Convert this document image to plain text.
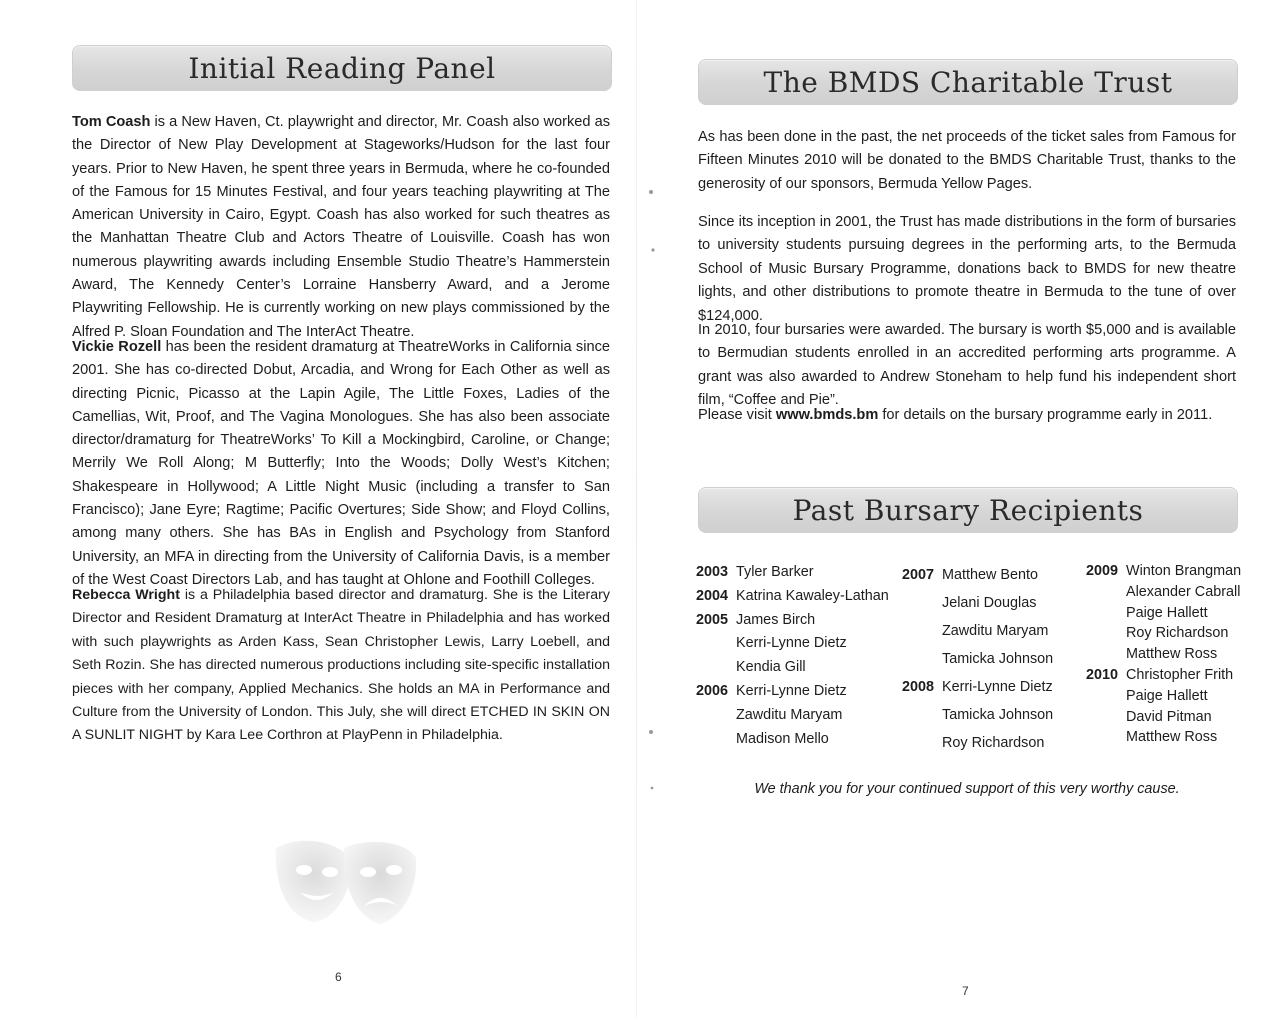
Initial Reading Panel

Tom Coash is a New Haven, Ct. playwright and director, Mr. Coash also worked as the Director of New Play Development at Stageworks/Hudson for the last four years. Prior to New Haven, he spent three years in Bermuda, where he co-founded of the Famous for 15 Minutes Festival, and four years teaching playwriting at The American University in Cairo, Egypt. Coash has also worked for such theatres as the Manhattan Theatre Club and Actors Theatre of Louisville. Coash has won numerous playwriting awards including Ensemble Studio Theatre’s Hammerstein Award, The Kennedy Center’s Lorraine Hansberry Award, and a Jerome Playwriting Fellowship. He is currently working on new plays commissioned by the Alfred P. Sloan Foundation and The InterAct Theatre.

Vickie Rozell has been the resident dramaturg at TheatreWorks in California since 2001. She has co-directed Dobut, Arcadia, and Wrong for Each Other as well as directing Picnic, Picasso at the Lapin Agile, The Little Foxes, Ladies of the Camellias, Wit, Proof, and The Vagina Monologues. She has also been associate director/dramaturg for TheatreWorks’ To Kill a Mockingbird, Caroline, or Change; Merrily We Roll Along; M Butterfly; Into the Woods; Dolly West’s Kitchen; Shakespeare in Hollywood; A Little Night Music (including a transfer to San Francisco); Jane Eyre; Ragtime; Pacific Overtures; Side Show; and Floyd Collins, among many others. She has BAs in English and Psychology from Stanford University, an MFA in directing from the University of California Davis, is a member of the West Coast Directors Lab, and has taught at Ohlone and Foothill Colleges.

Rebecca Wright is a Philadelphia based director and dramaturg. She is the Literary Director and Resident Dramaturg at InterAct Theatre in Philadelphia and has worked with such playwrights as Arden Kass, Sean Christopher Lewis, Larry Loebell, and Seth Rozin. She has directed numerous productions including site-specific installation pieces with her company, Applied Mechanics. She holds an MA in Performance and Culture from the University of London. This July, she will direct ETCHED IN SKIN ON A SUNLIT NIGHT by Kara Lee Corthron at PlayPenn in Philadelphia.

6
The BMDS Charitable Trust

As has been done in the past, the net proceeds of the ticket sales from Famous for Fifteen Minutes 2010 will be donated to the BMDS Charitable Trust, thanks to the generosity of our sponsors, Bermuda Yellow Pages.

Since its inception in 2001, the Trust has made distributions in the form of bursaries to university students pursuing degrees in the performing arts, to the Bermuda School of Music Bursary Programme, donations back to BMDS for new theatre lights, and other distributions to promote theatre in Bermuda to the tune of over $124,000.

In 2010, four bursaries were awarded. The bursary is worth $5,000 and is available to Bermudian students enrolled in an accredited performing arts programme. A grant was also awarded to Andrew Stoneham to help fund his independent short film, “Coffee and Pie”.

Please visit www.bmds.bm for details on the bursary programme early in 2011.

Past Bursary Recipients
2003 Tyler Barker
2004 Katrina Kawaley-Lathan
2005 James Birch
Kerri-Lynne Dietz
Kendia Gill
2006 Kerri-Lynne Dietz
Zawditu Maryam
Madison Mello
2007 Matthew Bento
Jelani Douglas
Zawditu Maryam
Tamicka Johnson
2008 Kerri-Lynne Dietz
Tamicka Johnson
Roy Richardson
2009 Winton Brangman
Alexander Cabrall
Paige Hallett
Roy Richardson
Matthew Ross
2010 Christopher Frith
Paige Hallett
David Pitman
Matthew Ross
We thank you for your continued support of this very worthy cause.
7
